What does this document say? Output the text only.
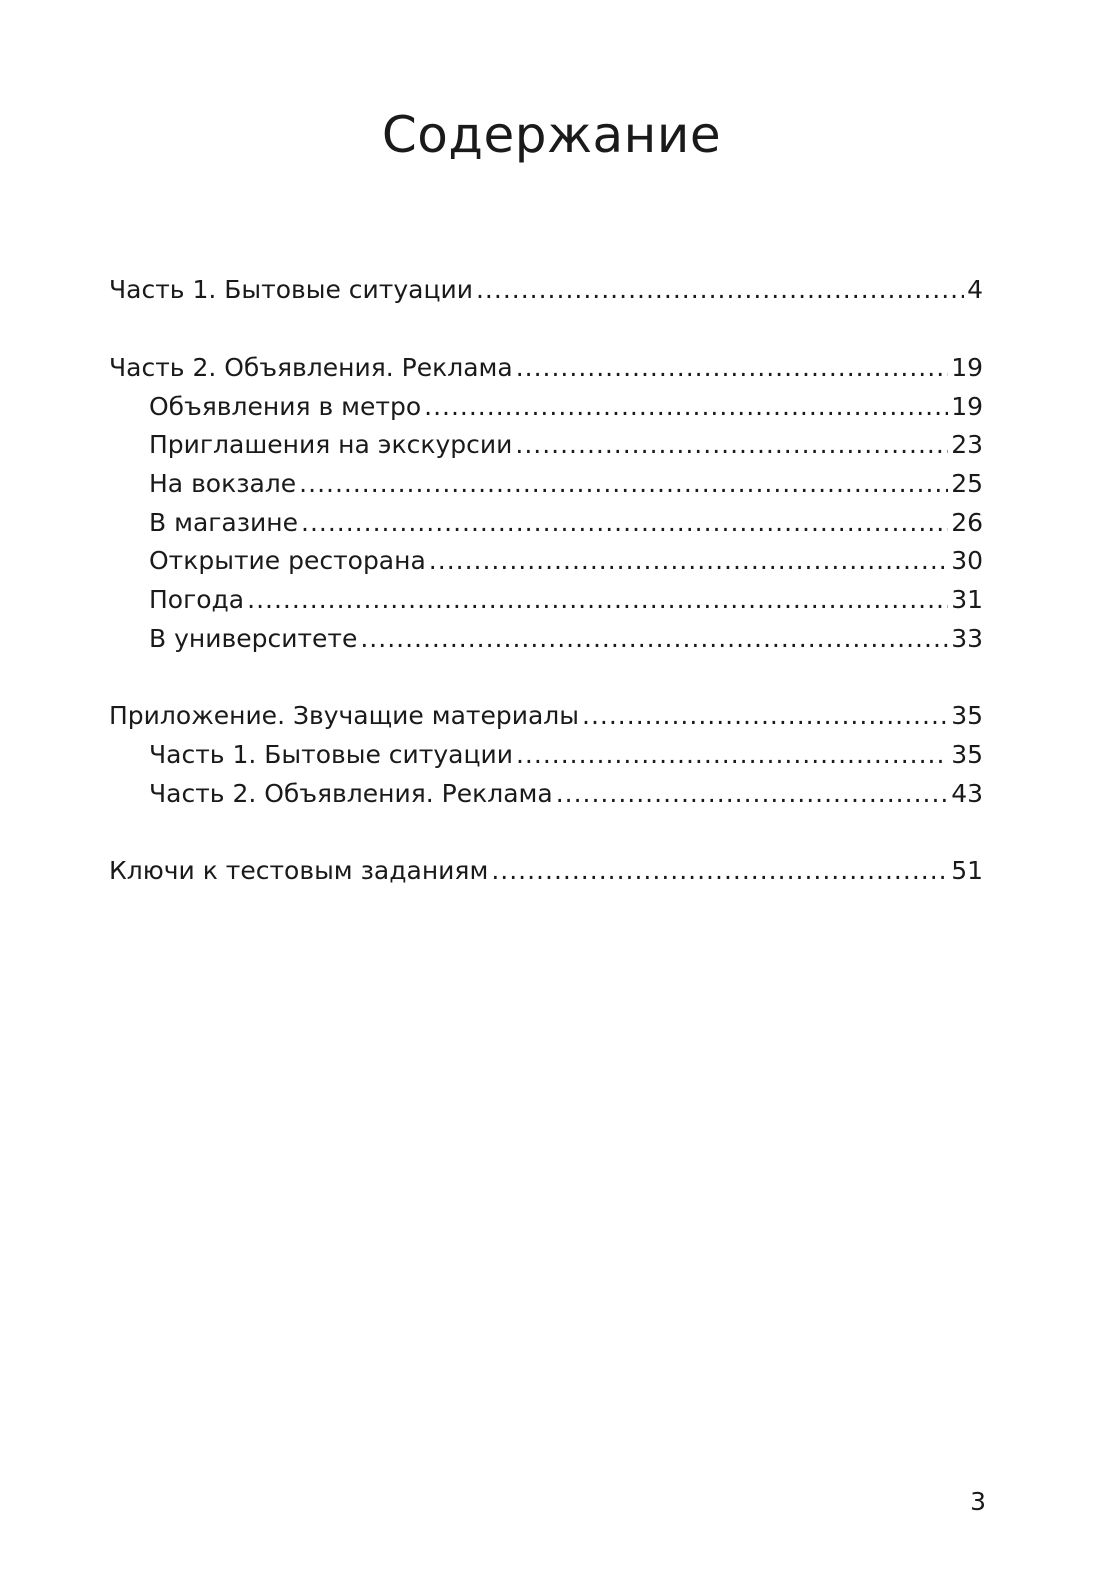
Содержание
Часть 1. Бытовые ситуации .....	4
Часть 2. Объявления. Реклама .....	19
Объявления в метро .....	19
Приглашения на экскурсии .....	23
На вокзале .....	25
В магазине .....	26
Открытие ресторана .....	30
Погода .....	31
В университете .....	33
Приложение. Звучащие материалы .....	35
Часть 1. Бытовые ситуации .....	35
Часть 2. Объявления. Реклама .....	43
Ключи к тестовым заданиям .....	51
3
